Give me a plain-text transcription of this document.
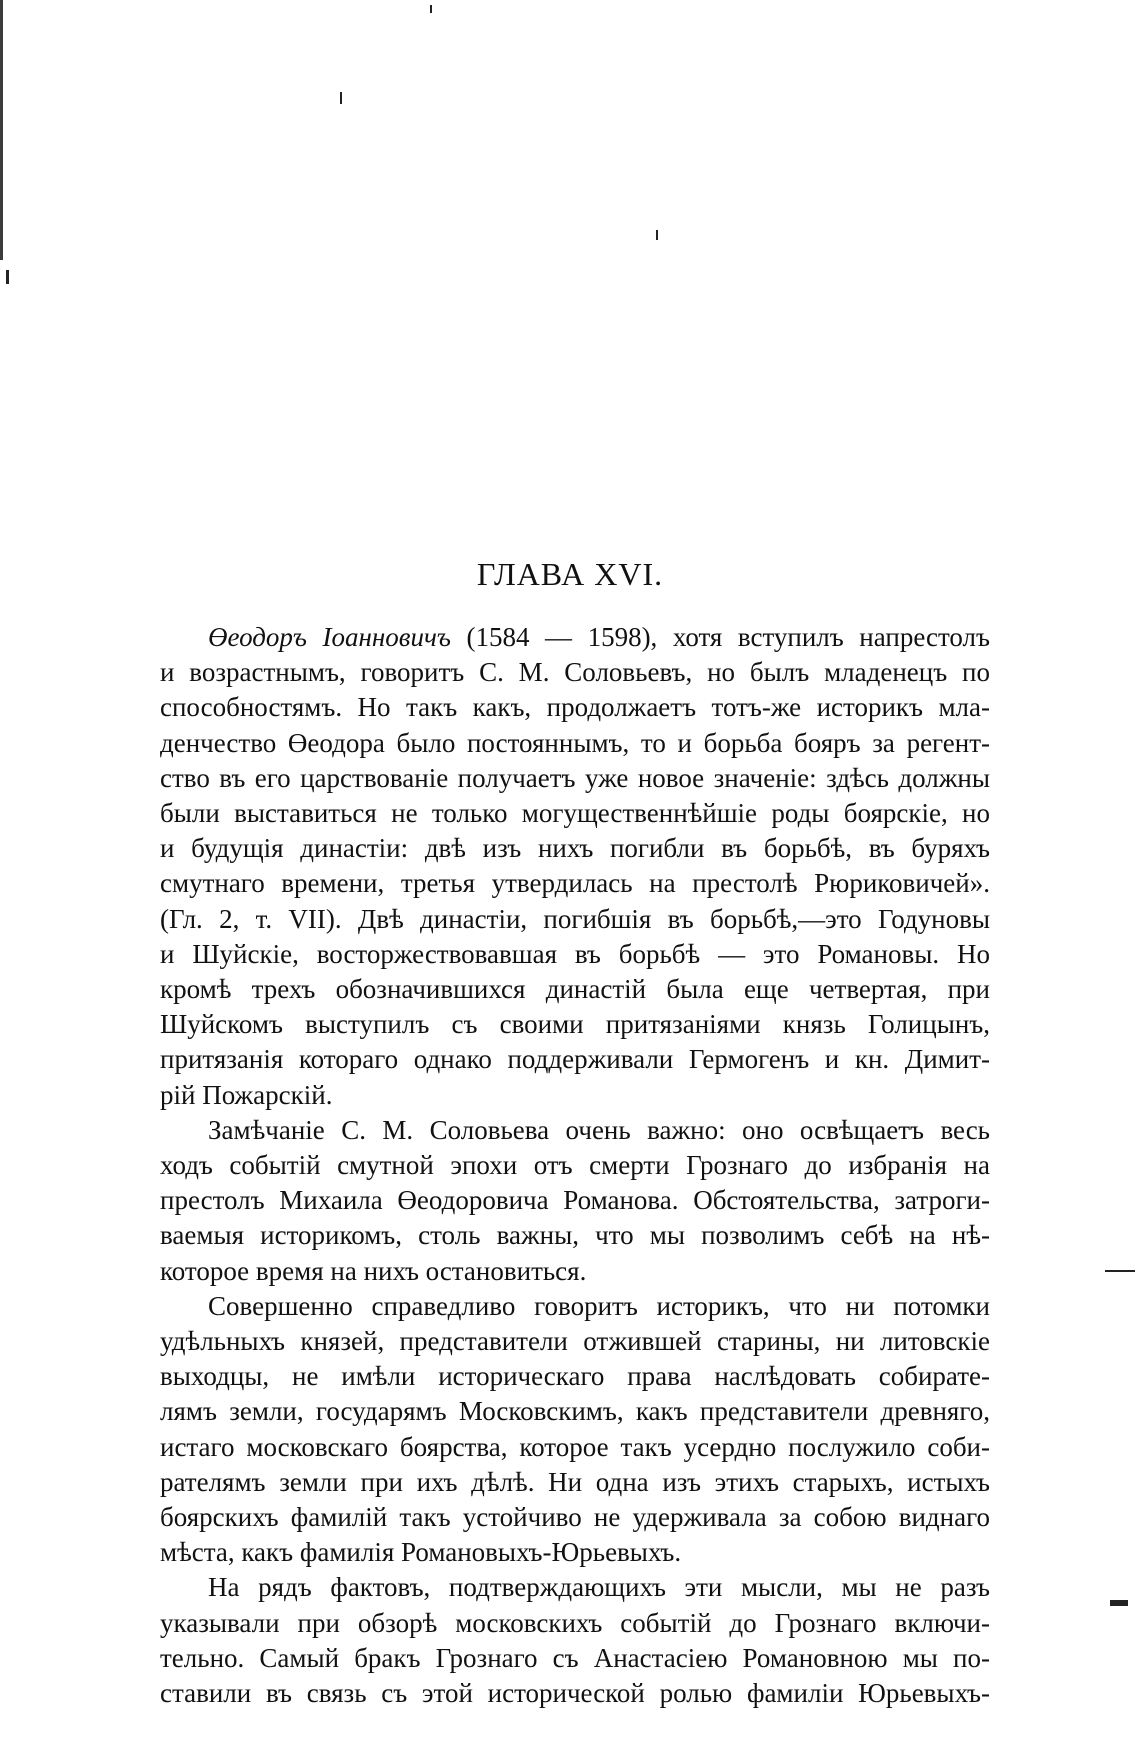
ГЛАВА XVI.

Өеодоръ Іоанновичъ (1584 — 1598), хотя вступилъ напрестолъ
и возрастнымъ, говоритъ С. М. Соловьевъ, но былъ младенецъ по
способностямъ. Но такъ какъ, продолжаетъ тотъ-же историкъ мла-
денчество Өеодора было постояннымъ, то и борьба бояръ за регент-
ство въ его царствованіе получаетъ уже новое значеніе: здѣсь должны
были выставиться не только могущественнѣйшіе роды боярскіе, но
и будущія династіи: двѣ изъ нихъ погибли въ борьбѣ, въ буряхъ
смутнаго времени, третья утвердилась на престолѣ Рюриковичей».
(Гл. 2, т. VII). Двѣ династіи, погибшія въ борьбѣ,—это Годуновы
и Шуйскіе, восторжествовавшая въ борьбѣ — это Романовы. Но
кромѣ трехъ обозначившихся династій была еще четвертая, при
Шуйскомъ выступилъ съ своими притязаніями князь Голицынъ,
притязанія котораго однако поддерживали Гермогенъ и кн. Димит-
рій Пожарскій.

Замѣчаніе С. М. Соловьева очень важно: оно освѣщаетъ весь
ходъ событій смутной эпохи отъ смерти Грознаго до избранія на
престолъ Михаила Өеодоровича Романова. Обстоятельства, затроги-
ваемыя историкомъ, столь важны, что мы позволимъ себѣ на нѣ-
которое время на нихъ остановиться.

Совершенно справедливо говоритъ историкъ, что ни потомки
удѣльныхъ князей, представители отжившей старины, ни литовскіе
выходцы, не имѣли историческаго права наслѣдовать собирате-
лямъ земли, государямъ Московскимъ, какъ представители древняго,
истаго московскаго боярства, которое такъ усердно послужило соби-
рателямъ земли при ихъ дѣлѣ. Ни одна изъ этихъ старыхъ, истыхъ
боярскихъ фамилій такъ устойчиво не удерживала за собою виднаго
мѣста, какъ фамилія Романовыхъ-Юрьевыхъ.

На рядъ фактовъ, подтверждающихъ эти мысли, мы не разъ
указывали при обзорѣ московскихъ событій до Грознаго включи-
тельно. Самый бракъ Грознаго съ Анастасіею Романовною мы по-
ставили въ связь съ этой исторической ролью фамиліи Юрьевыхъ-
